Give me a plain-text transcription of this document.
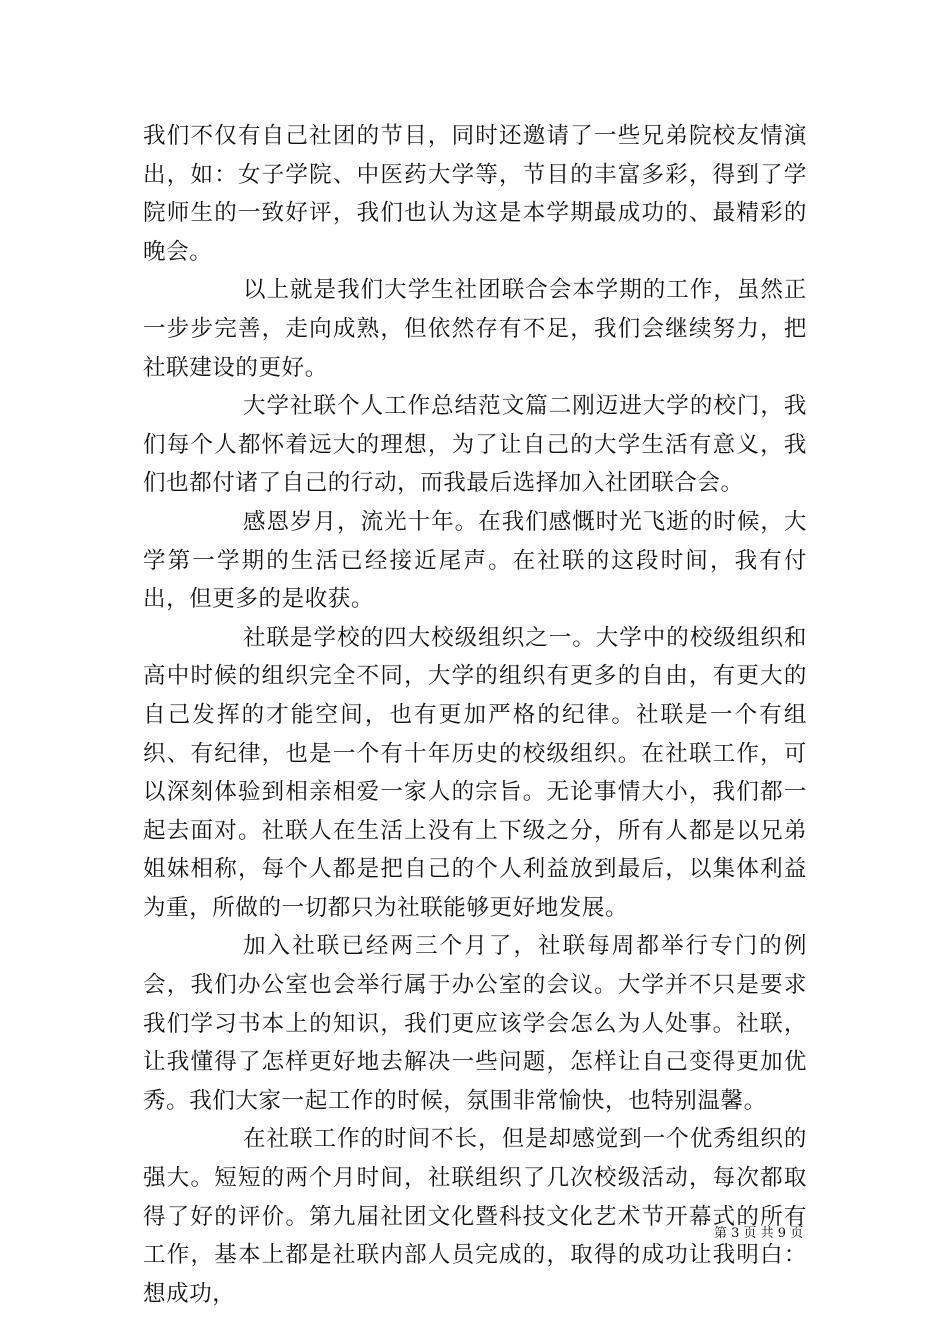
我们不仅有自己社团的节目，同时还邀请了一些兄弟院校友情演出，如：女子学院、中医药大学等，节目的丰富多彩，得到了学院师生的一致好评，我们也认为这是本学期最成功的、最精彩的晚会。

以上就是我们大学生社团联合会本学期的工作，虽然正一步步完善，走向成熟，但依然存有不足，我们会继续努力，把社联建设的更好。

大学社联个人工作总结范文篇二刚迈进大学的校门，我们每个人都怀着远大的理想，为了让自己的大学生活有意义，我们也都付诸了自己的行动，而我最后选择加入社团联合会。

感恩岁月，流光十年。在我们感慨时光飞逝的时候，大学第一学期的生活已经接近尾声。在社联的这段时间，我有付出，但更多的是收获。

社联是学校的四大校级组织之一。大学中的校级组织和高中时候的组织完全不同，大学的组织有更多的自由，有更大的自己发挥的才能空间，也有更加严格的纪律。社联是一个有组织、有纪律，也是一个有十年历史的校级组织。在社联工作，可以深刻体验到相亲相爱一家人的宗旨。无论事情大小，我们都一起去面对。社联人在生活上没有上下级之分，所有人都是以兄弟姐妹相称，每个人都是把自己的个人利益放到最后，以集体利益为重，所做的一切都只为社联能够更好地发展。

加入社联已经两三个月了，社联每周都举行专门的例会，我们办公室也会举行属于办公室的会议。大学并不只是要求我们学习书本上的知识，我们更应该学会怎么为人处事。社联，让我懂得了怎样更好地去解决一些问题，怎样让自己变得更加优秀。我们大家一起工作的时候，氛围非常愉快，也特别温馨。

在社联工作的时间不长，但是却感觉到一个优秀组织的强大。短短的两个月时间，社联组织了几次校级活动，每次都取得了好的评价。第九届社团文化暨科技文化艺术节开幕式的所有工作，基本上都是社联内部人员完成的，取得的成功让我明白：想成功，

第 3 页 共 9 页
